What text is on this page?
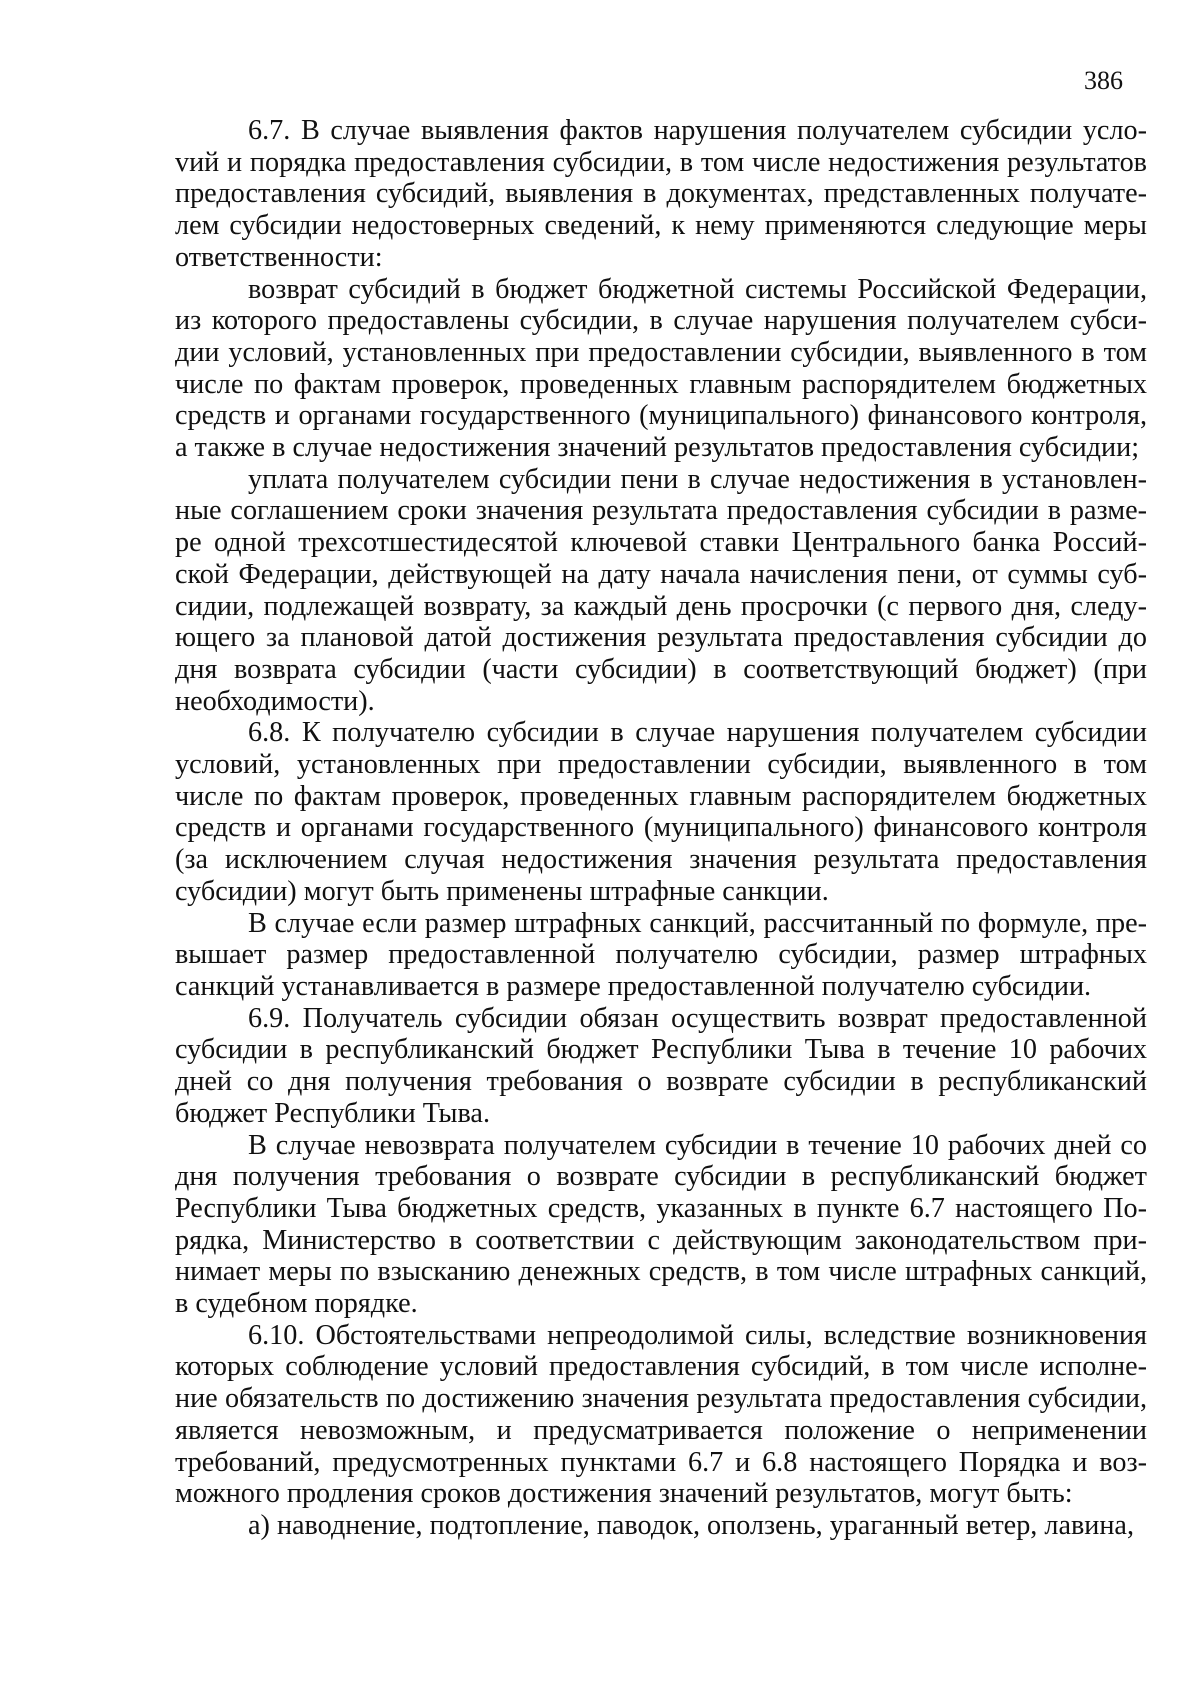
386

6.7. В случае выявления фактов нарушения получателем субсидии услоvий и порядка предоставления субсидии, в том числе недостижения результатов предоставления субсидий, выявления в документах, представленных получателем субсидии недостоверных сведений, к нему применяются следующие меры ответственности:

возврат субсидий в бюджет бюджетной системы Российской Федерации, из которого предоставлены субсидии, в случае нарушения получателем субсидии условий, установленных при предоставлении субсидии, выявленного в том числе по фактам проверок, проведенных главным распорядителем бюджетных средств и органами государственного (муниципального) финансового контроля, а также в случае недостижения значений результатов предоставления субсидии;

уплата получателем субсидии пени в случае недостижения в установленные соглашением сроки значения результата предоставления субсидии в размере одной трехсотшестидесятой ключевой ставки Центрального банка Российской Федерации, действующей на дату начала начисления пени, от суммы субсидии, подлежащей возврату, за каждый день просрочки (с первого дня, следующего за плановой датой достижения результата предоставления субсидии до дня возврата субсидии (части субсидии) в соответствующий бюджет) (при необходимости).

6.8. К получателю субсидии в случае нарушения получателем субсидии условий, установленных при предоставлении субсидии, выявленного в том числе по фактам проверок, проведенных главным распорядителем бюджетных средств и органами государственного (муниципального) финансового контроля (за исключением случая недостижения значения результата предоставления субсидии) могут быть применены штрафные санкции.

В случае если размер штрафных санкций, рассчитанный по формуле, превышает размер предоставленной получателю субсидии, размер штрафных санкций устанавливается в размере предоставленной получателю субсидии.

6.9. Получатель субсидии обязан осуществить возврат предоставленной субсидии в республиканский бюджет Республики Тыва в течение 10 рабочих дней со дня получения требования о возврате субсидии в республиканский бюджет Республики Тыва.

В случае невозврата получателем субсидии в течение 10 рабочих дней со дня получения требования о возврате субсидии в республиканский бюджет Республики Тыва бюджетных средств, указанных в пункте 6.7 настоящего Порядка, Министерство в соответствии с действующим законодательством принимает меры по взысканию денежных средств, в том числе штрафных санкций, в судебном порядке.

6.10. Обстоятельствами непреодолимой силы, вследствие возникновения которых соблюдение условий предоставления субсидий, в том числе исполнение обязательств по достижению значения результата предоставления субсидии, является невозможным, и предусматривается положение о неприменении требований, предусмотренных пунктами 6.7 и 6.8 настоящего Порядка и возможного продления сроков достижения значений результатов, могут быть:

а) наводнение, подтопление, паводок, оползень, ураганный ветер, лавина,
